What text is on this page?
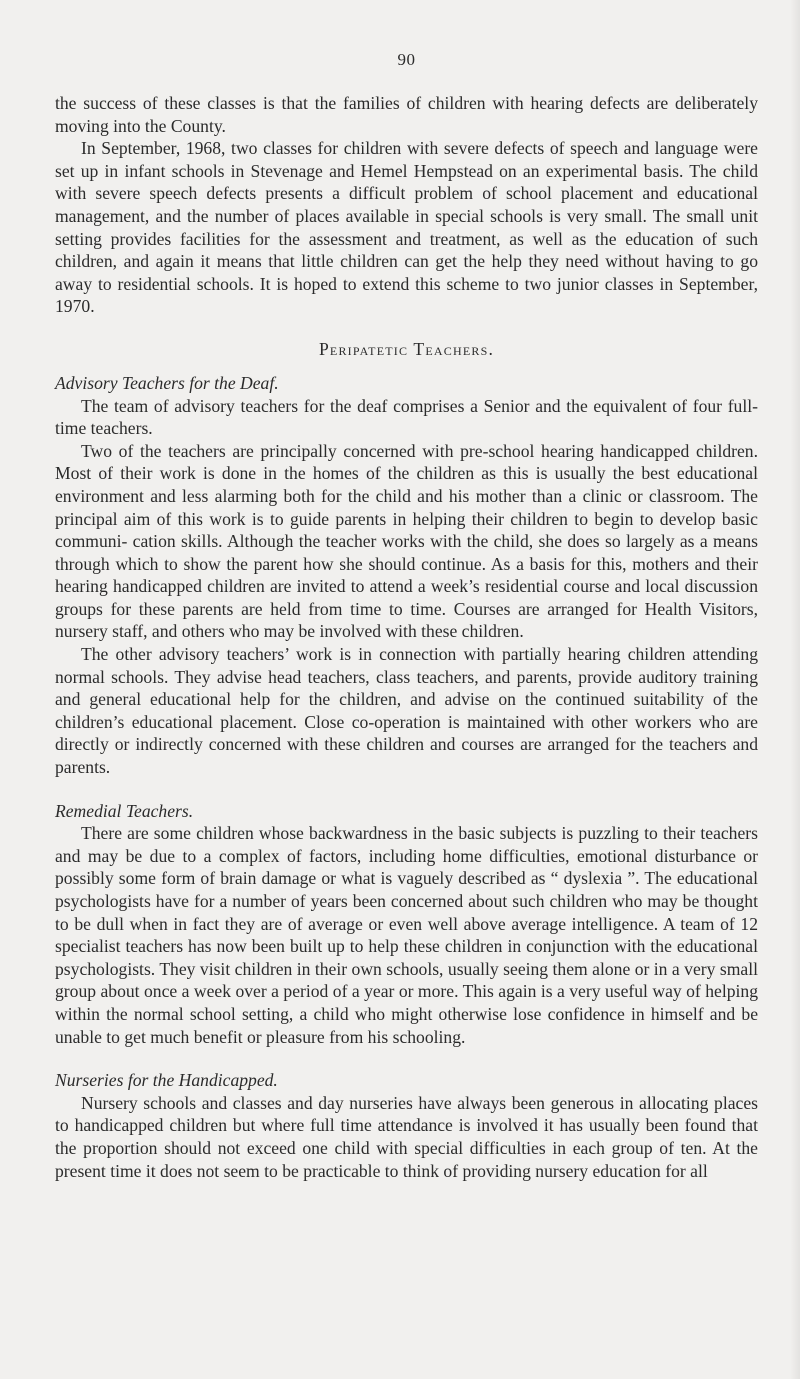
90

the success of these classes is that the families of children with hearing defects are deliberately moving into the County.

In September, 1968, two classes for children with severe defects of speech and language were set up in infant schools in Stevenage and Hemel Hempstead on an experimental basis. The child with severe speech defects presents a difficult problem of school placement and educational management, and the number of places available in special schools is very small. The small unit setting provides facilities for the assessment and treatment, as well as the education of such children, and again it means that little children can get the help they need without having to go away to residential schools. It is hoped to extend this scheme to two junior classes in September, 1970.

Peripatetic Teachers.
Advisory Teachers for the Deaf.

The team of advisory teachers for the deaf comprises a Senior and the equivalent of four full-time teachers.

Two of the teachers are principally concerned with pre-school hearing handicapped children. Most of their work is done in the homes of the children as this is usually the best educational environment and less alarming both for the child and his mother than a clinic or classroom. The principal aim of this work is to guide parents in helping their children to begin to develop basic communi- cation skills. Although the teacher works with the child, she does so largely as a means through which to show the parent how she should continue. As a basis for this, mothers and their hearing handicapped children are invited to attend a week’s residential course and local discussion groups for these parents are held from time to time. Courses are arranged for Health Visitors, nursery staff, and others who may be involved with these children.

The other advisory teachers’ work is in connection with partially hearing children attending normal schools. They advise head teachers, class teachers, and parents, provide auditory training and general educational help for the children, and advise on the continued suitability of the children’s educational placement. Close co-operation is maintained with other workers who are directly or indirectly concerned with these children and courses are arranged for the teachers and parents.

Remedial Teachers.

There are some children whose backwardness in the basic subjects is puzzling to their teachers and may be due to a complex of factors, including home difficulties, emotional disturbance or possibly some form of brain damage or what is vaguely described as “ dyslexia ”. The educational psychologists have for a number of years been concerned about such children who may be thought to be dull when in fact they are of average or even well above average intelligence. A team of 12 specialist teachers has now been built up to help these children in conjunction with the educational psychologists. They visit children in their own schools, usually seeing them alone or in a very small group about once a week over a period of a year or more. This again is a very useful way of helping within the normal school setting, a child who might otherwise lose confidence in himself and be unable to get much benefit or pleasure from his schooling.

Nurseries for the Handicapped.

Nursery schools and classes and day nurseries have always been generous in allocating places to handicapped children but where full time attendance is involved it has usually been found that the proportion should not exceed one child with special difficulties in each group of ten. At the present time it does not seem to be practicable to think of providing nursery education for all
